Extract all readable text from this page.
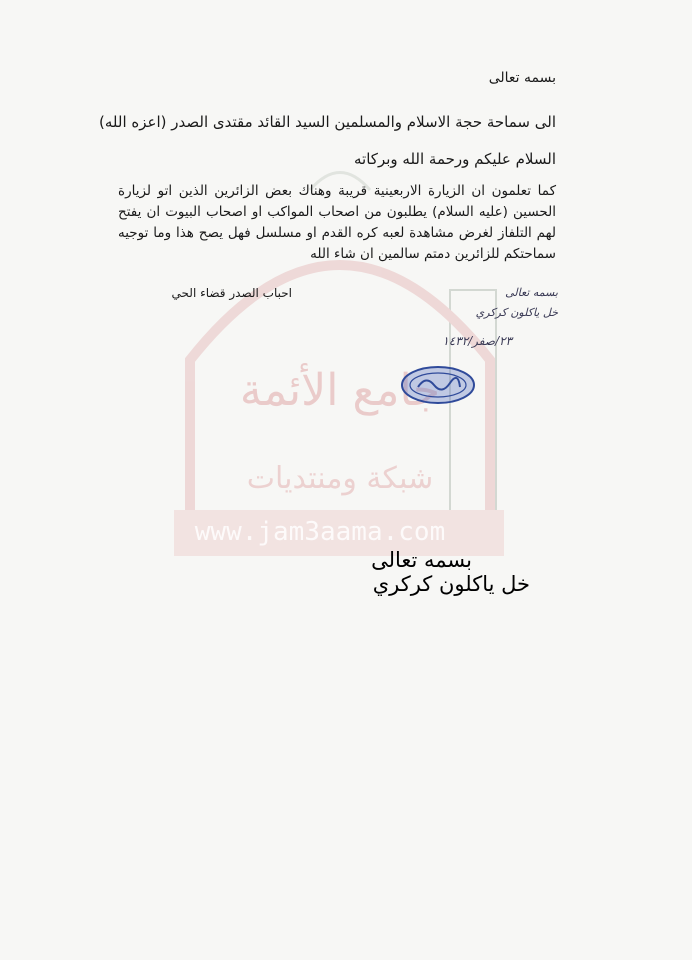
جامع الأئمة
شبكة ومنتديات
www.jam3aama.com
بسمه تعالى
الى سماحة حجة الاسلام والمسلمين السيد القائد مقتدى الصدر (اعزه الله)
السلام عليكم ورحمة الله وبركاته
كما تعلمون ان الزيارة الاربعينية قريبة وهناك بعض الزائرين الذين اتو لزيارة الحسين (عليه السلام) يطلبون من اصحاب المواكب او اصحاب البيوت ان يفتح لهم التلفاز لغرض مشاهدة لعبه كره القدم او مسلسل فهل يصح هذا وما توجيه سماحتكم للزائرين دمتم سالمين ان شاء الله
احباب الصدر قضاء الحي	بسمه تعالى
خل ياكلون كركري
٢٣/صفر/١٤٣٢
بسمه تعالى
خل ياكلون كركري
